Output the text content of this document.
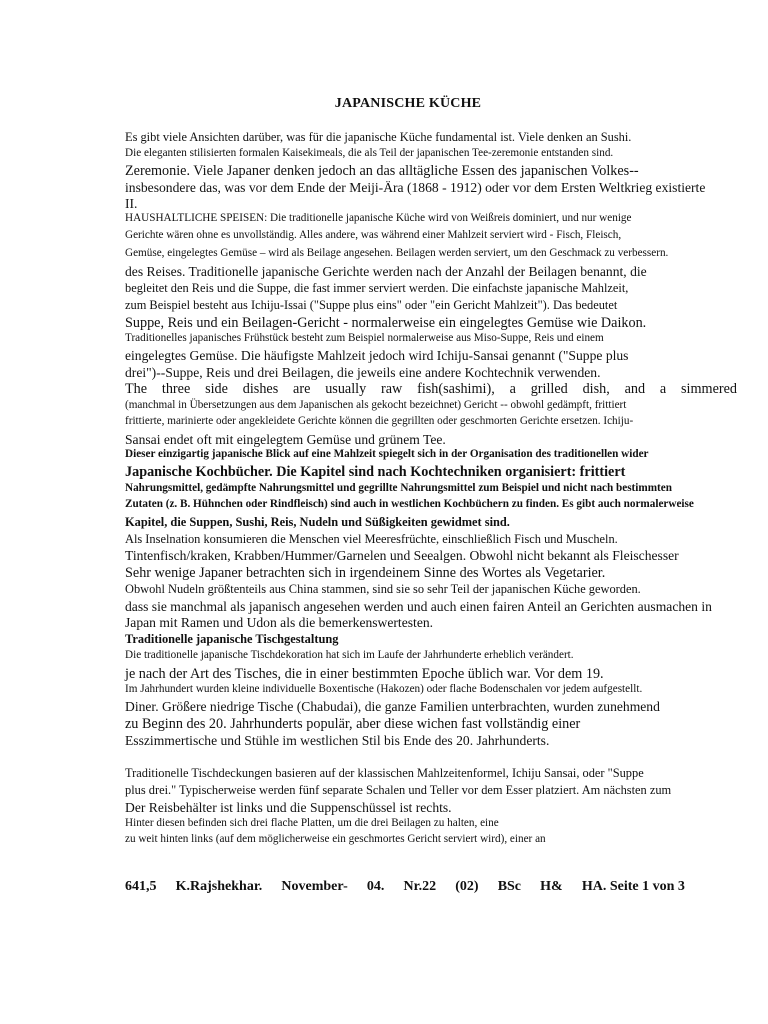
JAPANISCHE KÜCHE
Es gibt viele Ansichten darüber, was für die japanische Küche fundamental ist. Viele denken an Sushi.
Die eleganten stilisierten formalen Kaisekimeals, die als Teil der japanischen Tee-zeremonie entstanden sind.
Zeremonie. Viele Japaner denken jedoch an das alltägliche Essen des japanischen Volkes--
insbesondere das, was vor dem Ende der Meiji-Ära (1868 - 1912) oder vor dem Ersten Weltkrieg existierte
II.
HAUSHALTLICHE SPEISEN: Die traditionelle japanische Küche wird von Weißreis dominiert, und nur wenige
Gerichte wären ohne es unvollständig. Alles andere, was während einer Mahlzeit serviert wird - Fisch, Fleisch,
Gemüse, eingelegtes Gemüse – wird als Beilage angesehen. Beilagen werden serviert, um den Geschmack zu verbessern.
des Reises. Traditionelle japanische Gerichte werden nach der Anzahl der Beilagen benannt, die
begleitet den Reis und die Suppe, die fast immer serviert werden. Die einfachste japanische Mahlzeit,
zum Beispiel besteht aus Ichiju-Issai ("Suppe plus eins" oder "ein Gericht Mahlzeit"). Das bedeutet
Suppe, Reis und ein Beilagen-Gericht - normalerweise ein eingelegtes Gemüse wie Daikon.
Traditionelles japanisches Frühstück besteht zum Beispiel normalerweise aus Miso-Suppe, Reis und einem
eingelegtes Gemüse. Die häufigste Mahlzeit jedoch wird Ichiju-Sansai genannt ("Suppe plus
drei")--Suppe, Reis und drei Beilagen, die jeweils eine andere Kochtechnik verwenden.
The three side dishes are usually raw fish(sashimi), a grilled dish, and a simmered
(manchmal in Übersetzungen aus dem Japanischen als gekocht bezeichnet) Gericht -- obwohl gedämpft, frittiert
frittierte, marinierte oder angekleidete Gerichte können die gegrillten oder geschmorten Gerichte ersetzen. Ichiju-
Sansai endet oft mit eingelegtem Gemüse und grünem Tee.
Dieser einzigartig japanische Blick auf eine Mahlzeit spiegelt sich in der Organisation des traditionellen wider
Japanische Kochbücher. Die Kapitel sind nach Kochtechniken organisiert: frittiert
Nahrungsmittel, gedämpfte Nahrungsmittel und gegrillte Nahrungsmittel zum Beispiel und nicht nach bestimmten
Zutaten (z. B. Hühnchen oder Rindfleisch) sind auch in westlichen Kochbüchern zu finden. Es gibt auch normalerweise
Kapitel, die Suppen, Sushi, Reis, Nudeln und Süßigkeiten gewidmet sind.
Als Inselnation konsumieren die Menschen viel Meeresfrüchte, einschließlich Fisch und Muscheln.
Tintenfisch/kraken, Krabben/Hummer/Garnelen und Seealgen. Obwohl nicht bekannt als Fleischesser
Sehr wenige Japaner betrachten sich in irgendeinem Sinne des Wortes als Vegetarier.
Obwohl Nudeln größtenteils aus China stammen, sind sie so sehr Teil der japanischen Küche geworden.
dass sie manchmal als japanisch angesehen werden und auch einen fairen Anteil an Gerichten ausmachen in
Japan mit Ramen und Udon als die bemerkenswertesten.
Traditionelle japanische Tischgestaltung
Die traditionelle japanische Tischdekoration hat sich im Laufe der Jahrhunderte erheblich verändert.
je nach der Art des Tisches, die in einer bestimmten Epoche üblich war. Vor dem 19.
Im Jahrhundert wurden kleine individuelle Boxentische (Hakozen) oder flache Bodenschalen vor jedem aufgestellt.
Diner. Größere niedrige Tische (Chabudai), die ganze Familien unterbrachten, wurden zunehmend
zu Beginn des 20. Jahrhunderts populär, aber diese wichen fast vollständig einer
Esszimmertische und Stühle im westlichen Stil bis Ende des 20. Jahrhunderts.
Traditionelle Tischdeckungen basieren auf der klassischen Mahlzeitenformel, Ichiju Sansai, oder "Suppe
plus drei." Typischerweise werden fünf separate Schalen und Teller vor dem Esser platziert. Am nächsten zum
Der Reisbehälter ist links und die Suppenschüssel ist rechts.
Hinter diesen befinden sich drei flache Platten, um die drei Beilagen zu halten, eine
zu weit hinten links (auf dem möglicherweise ein geschmortes Gericht serviert wird), einer an
641,5 K.Rajshekhar. November- 04. Nr.22 (02) BSc H& HA. Seite 1 von 3
